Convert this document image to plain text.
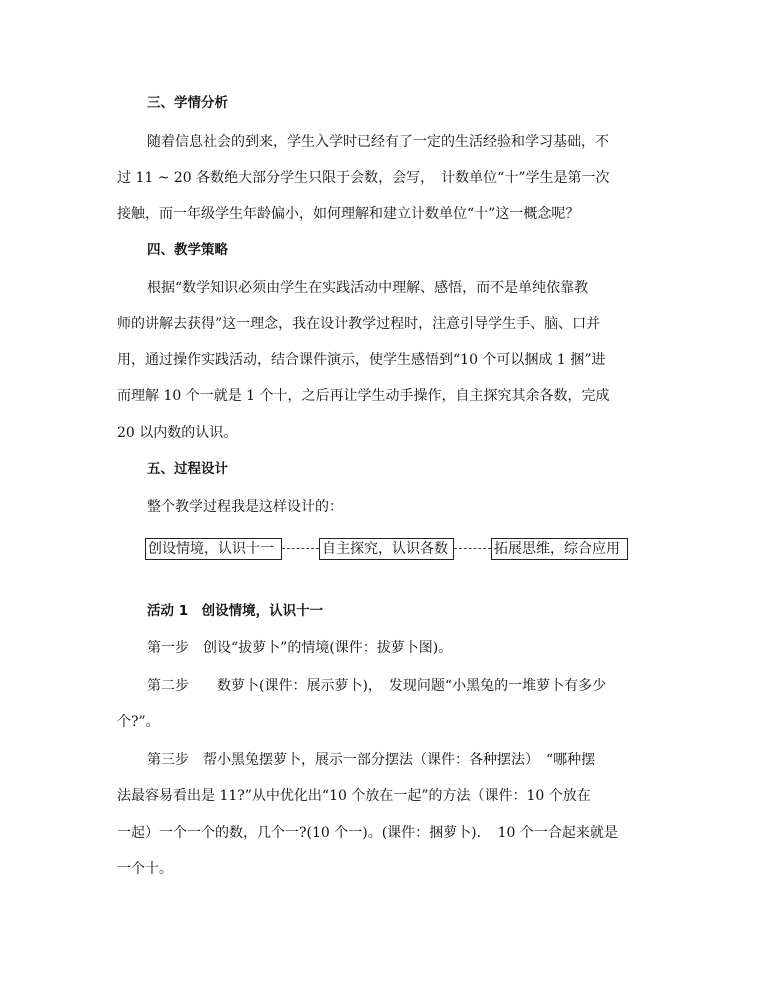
三、学情分析
随着信息社会的到来，学生入学时已经有了一定的生活经验和学习基础，不
过 11 ~ 20 各数绝大部分学生只限于会数，会写，　计数单位“十”学生是第一次
接触，而一年级学生年龄偏小，如何理解和建立计数单位“十”这一概念呢？
四、教学策略
根据“数学知识必须由学生在实践活动中理解、感悟，而不是单纯依靠教
师的讲解去获得”这一理念，我在设计教学过程时，注意引导学生手、脑、口并
用，通过操作实践活动，结合课件演示，使学生感悟到“10 个可以捆成 1 捆”进
而理解 10 个一就是 1 个十，之后再让学生动手操作，自主探究其余各数，完成
20 以内数的认识。
五、过程设计
整个教学过程我是这样设计的：
创设情境，认识十一	自主探究，认识各数	拓展思维，综合应用
活动 1　创设情境，认识十一
第一步　创设“拔萝卜”的情境(课件：拔萝卜图)。
第二步　　数萝卜(课件：展示萝卜)，　发现问题“小黑兔的一堆萝卜有多少
个?”。
第三步　帮小黑兔摆萝卜，展示一部分摆法（课件：各种摆法）　“哪种摆
法最容易看出是 11?”从中优化出“10 个放在一起”的方法（课件：10 个放在
一起）一个一个的数，几个一?(10 个一)。(课件：捆萝卜)．　10 个一合起来就是
一个十。
